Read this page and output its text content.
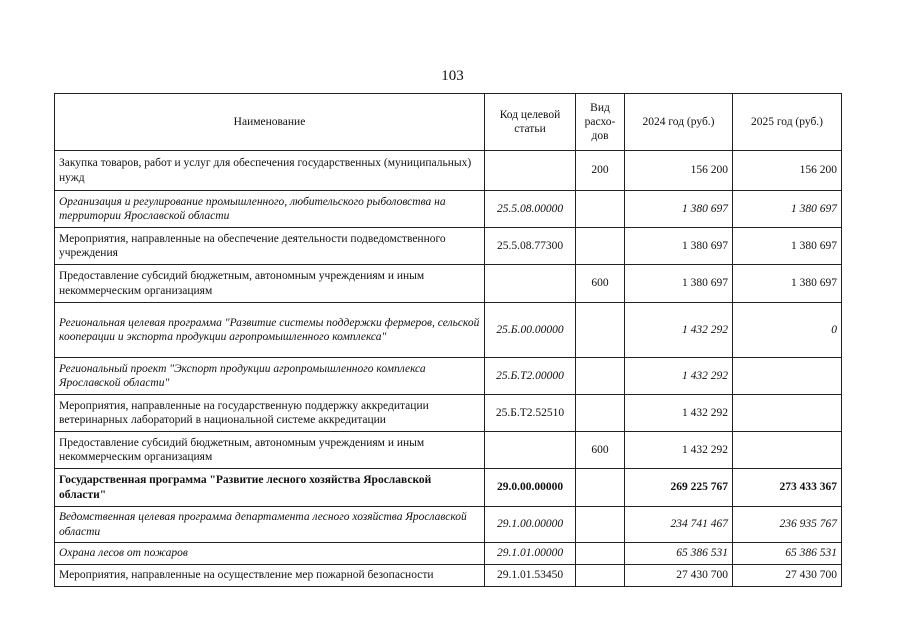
103
Наименование	Код целевой статьи	Вид расхо-дов	2024 год (руб.)	2025 год (руб.)
Закупка товаров, работ и услуг для обеспечения государственных (муниципальных) нужд		200	156 200	156 200
Организация и регулирование промышленного, любительского рыболовства на территории Ярославской области	25.5.08.00000		1 380 697	1 380 697
Мероприятия, направленные на обеспечение деятельности подведомственного учреждения	25.5.08.77300		1 380 697	1 380 697
Предоставление субсидий бюджетным, автономным учреждениям и иным некоммерческим организациям		600	1 380 697	1 380 697
Региональная целевая программа "Развитие системы поддержки фермеров, сельской кооперации и экспорта продукции агропромышленного комплекса"	25.Б.00.00000		1 432 292	0
Региональный проект "Экспорт продукции агропромышленного комплекса Ярославской области"	25.Б.Т2.00000		1 432 292	
Мероприятия, направленные на государственную поддержку аккредитации ветеринарных лабораторий в национальной системе аккредитации	25.Б.Т2.52510		1 432 292	
Предоставление субсидий бюджетным, автономным учреждениям и иным некоммерческим организациям		600	1 432 292	
Государственная программа "Развитие лесного хозяйства Ярославской области"	29.0.00.00000		269 225 767	273 433 367
Ведомственная целевая программа департамента лесного хозяйства Ярославской области	29.1.00.00000		234 741 467	236 935 767
Охрана лесов от пожаров	29.1.01.00000		65 386 531	65 386 531
Мероприятия, направленные на осуществление мер пожарной безопасности	29.1.01.53450		27 430 700	27 430 700
